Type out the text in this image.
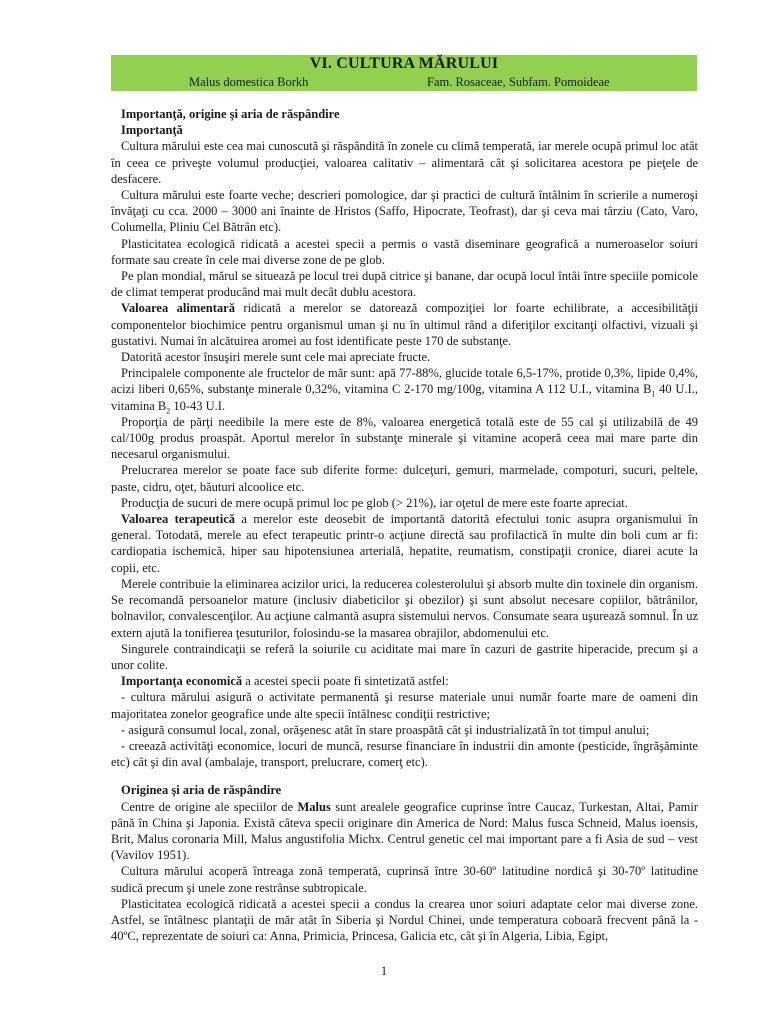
VI. CULTURA MĂRULUI
Malus domestica Borkh	Fam. Rosaceae, Subfam. Pomoideae

Importanţă, origine şi aria de răspândire

Importanţă

Cultura mărului este cea mai cunoscută şi răspândită în zonele cu climă temperată, iar merele ocupă primul loc atât în ceea ce priveşte volumul producţiei, valoarea calitativ – alimentară cât şi solicitarea acestora pe pieţele de desfacere.

Cultura mărului este foarte veche; descrieri pomologice, dar şi practici de cultură întâlnim în scrierile a numeroşi învăţaţi cu cca. 2000 – 3000 ani înainte de Hristos (Saffo, Hipocrate, Teofrast), dar şi ceva mai târziu (Cato, Varo, Columella, Pliniu Cel Bătrân etc).

Plasticitatea ecologică ridicată a acestei specii a permis o vastă diseminare geografică a numeroaselor soiuri formate sau create în cele mai diverse zone de pe glob.

Pe plan mondial, mărul se situează pe locul trei după citrice şi banane, dar ocupă locul întâi între speciile pomicole de climat temperat producând mai mult decât dublu acestora.

Valoarea alimentară ridicată a merelor se datorează compoziţiei lor foarte echilibrate, a accesibilităţii componentelor biochimice pentru organismul uman şi nu în ultimul rând a diferiţilor excitanţi olfactivi, vizuali şi gustativi. Numai în alcătuirea aromei au fost identificate peste 170 de substanţe.

Datorită acestor însuşiri merele sunt cele mai apreciate fructe.

Principalele componente ale fructelor de măr sunt: apă 77-88%, glucide totale 6,5-17%, protide 0,3%, lipide 0,4%, acizi liberi 0,65%, substanţe minerale 0,32%, vitamina C 2-170 mg/100g, vitamina A 112 U.I., vitamina $B_1$ 40 U.I., vitamina $B_2$ 10-43 U.I.

Proporţia de părţi needibile la mere este de 8%, valoarea energetică totală este de 55 cal şi utilizabilă de 49 cal/100g produs proaspăt. Aportul merelor în substanţe minerale şi vitamine acoperă ceea mai mare parte din necesarul organismului.

Prelucrarea merelor se poate face sub diferite forme: dulceţuri, gemuri, marmelade, compoturi, sucuri, peltele, paste, cidru, oţet, băuturi alcoolice etc.

Producţia de sucuri de mere ocupă primul loc pe glob (> 21%), iar oţetul de mere este foarte apreciat.

Valoarea terapeutică a merelor este deosebit de importantă datorită efectului tonic asupra organismului în general. Totodată, merele au efect terapeutic printr-o acţiune directă sau profilactică în multe din boli cum ar fi: cardiopatia ischemică, hiper sau hipotensiunea arterială, hepatite, reumatism, constipaţii cronice, diarei acute la copii, etc.

Merele contribuie la eliminarea acizilor urici, la reducerea colesterolului şi absorb multe din toxinele din organism. Se recomandă persoanelor mature (inclusiv diabeticilor şi obezilor) şi sunt absolut necesare copiilor, bătrânilor, bolnavilor, convalescenţilor. Au acţiune calmantă asupra sistemului nervos. Consumate seara uşurează somnul. În uz extern ajută la tonifierea ţesuturilor, folosindu-se la masarea obrajilor, abdomenului etc.

Singurele contraindicaţii se referă la soiurile cu aciditate mai mare în cazuri de gastrite hiperacide, precum şi a unor colite.

Importanţa economică a acestei specii poate fi sintetizată astfel:

- cultura mărului asigură o activitate permanentă şi resurse materiale unui număr foarte mare de oameni din majoritatea zonelor geografice unde alte specii întâlnesc condiţii restrictive;

- asigură consumul local, zonal, orăşenesc atât în stare proaspătă cât şi industrializată în tot timpul anului;

- creează activităţi economice, locuri de muncă, resurse financiare în industrii din amonte (pesticide, îngrăşăminte etc) cât şi din aval (ambalaje, transport, prelucrare, comerţ etc).

Originea şi aria de răspândire

Centre de origine ale speciilor de Malus sunt arealele geografice cuprinse între Caucaz, Turkestan, Altai, Pamir până în China şi Japonia. Există câteva specii originare din America de Nord: Malus fusca Schneid, Malus ioensis, Brit, Malus coronaria Mill, Malus angustifolia Michx. Centrul genetic cel mai important pare a fi Asia de sud – vest (Vavilov 1951).

Cultura mărului acoperă întreaga zonă temperată, cuprinsă între 30-60º latitudine nordică şi 30-70º latitudine sudică precum şi unele zone restrânse subtropicale.

Plasticitatea ecologică ridicată a acestei specii a condus la crearea unor soiuri adaptate celor mai diverse zone. Astfel, se întâlnesc plantaţii de măr atât în Siberia şi Nordul Chinei, unde temperatura coboară frecvent până la - 40ºC, reprezentate de soiuri ca: Anna, Primicia, Princesa, Galicia etc, cât şi în Algeria, Libia, Egipt,

1
